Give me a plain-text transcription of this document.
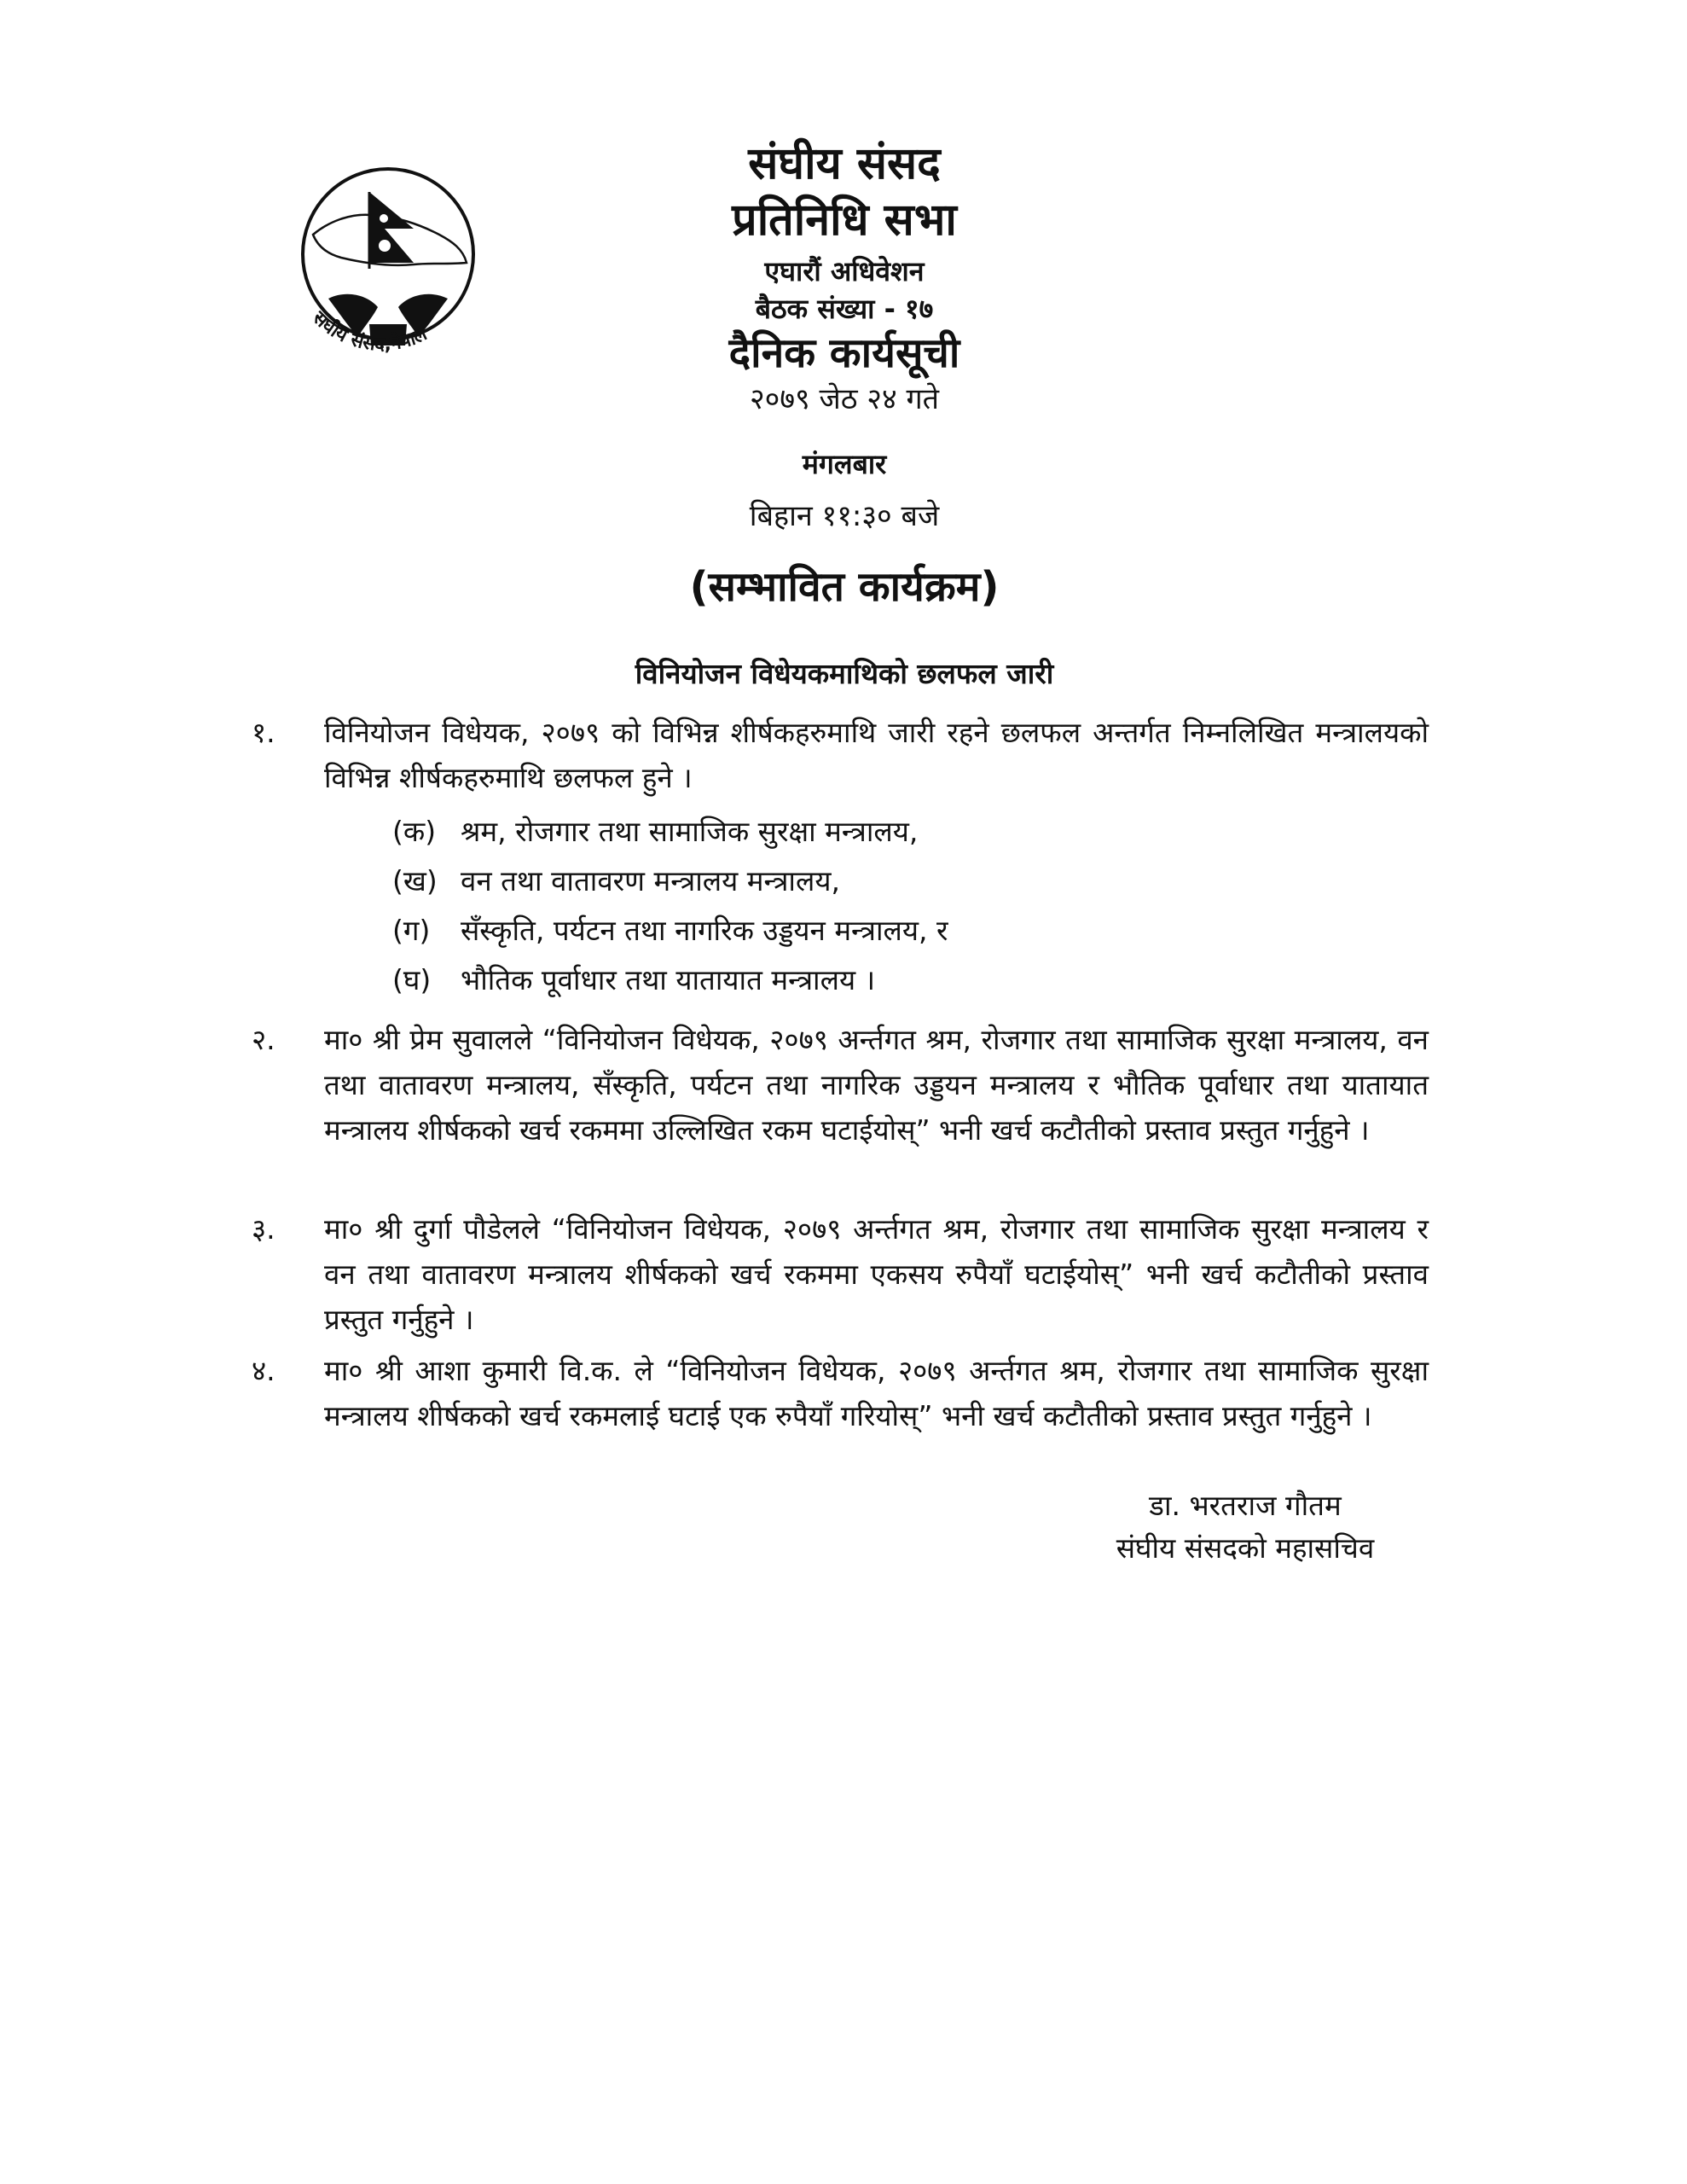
संघीय संसद,नेपाल
संघीय संसद
प्रतिनिधि सभा
एघारौं अधिवेशन
बैठक संख्या - १७
दैनिक कार्यसूची
२०७९ जेठ २४ गते
मंगलबार
बिहान ११:३० बजे
(सम्भावित कार्यक्रम)
विनियोजन विधेयकमाथिको छलफल जारी
१.	विनियोजन विधेयक, २०७९ को विभिन्न शीर्षकहरुमाथि जारी रहने छलफल अन्तर्गत निम्नलिखित मन्त्रालयको विभिन्न शीर्षकहरुमाथि छलफल हुने ।
(क) श्रम, रोजगार तथा सामाजिक सुरक्षा मन्त्रालय,
(ख) वन तथा वातावरण मन्त्रालय मन्त्रालय,
(ग) सँस्कृति, पर्यटन तथा नागरिक उड्डयन मन्त्रालय, र
(घ) भौतिक पूर्वाधार तथा यातायात मन्त्रालय ।
२.	मा० श्री प्रेम सुवालले “विनियोजन विधेयक, २०७९ अर्न्तगत श्रम, रोजगार तथा सामाजिक सुरक्षा मन्त्रालय, वन तथा वातावरण मन्त्रालय, सँस्कृति, पर्यटन तथा नागरिक उड्डयन मन्त्रालय र भौतिक पूर्वाधार तथा यातायात मन्त्रालय शीर्षकको खर्च रकममा उल्लिखित रकम घटाईयोस्” भनी खर्च कटौतीको प्रस्ताव प्रस्तुत गर्नुहुने ।
३.	मा० श्री दुर्गा पौडेलले “विनियोजन विधेयक, २०७९ अर्न्तगत श्रम, रोजगार तथा सामाजिक सुरक्षा मन्त्रालय र वन तथा वातावरण मन्त्रालय शीर्षकको खर्च रकममा एकसय रुपैयाँ घटाईयोस्” भनी खर्च कटौतीको प्रस्ताव प्रस्तुत गर्नुहुने ।
४.	मा० श्री आशा कुमारी वि.क. ले “विनियोजन विधेयक, २०७९ अर्न्तगत श्रम, रोजगार तथा सामाजिक सुरक्षा मन्त्रालय शीर्षकको खर्च रकमलाई घटाई एक रुपैयाँ गरियोस्” भनी खर्च कटौतीको प्रस्ताव प्रस्तुत गर्नुहुने ।
डा. भरतराज गौतम
संघीय संसदको महासचिव
